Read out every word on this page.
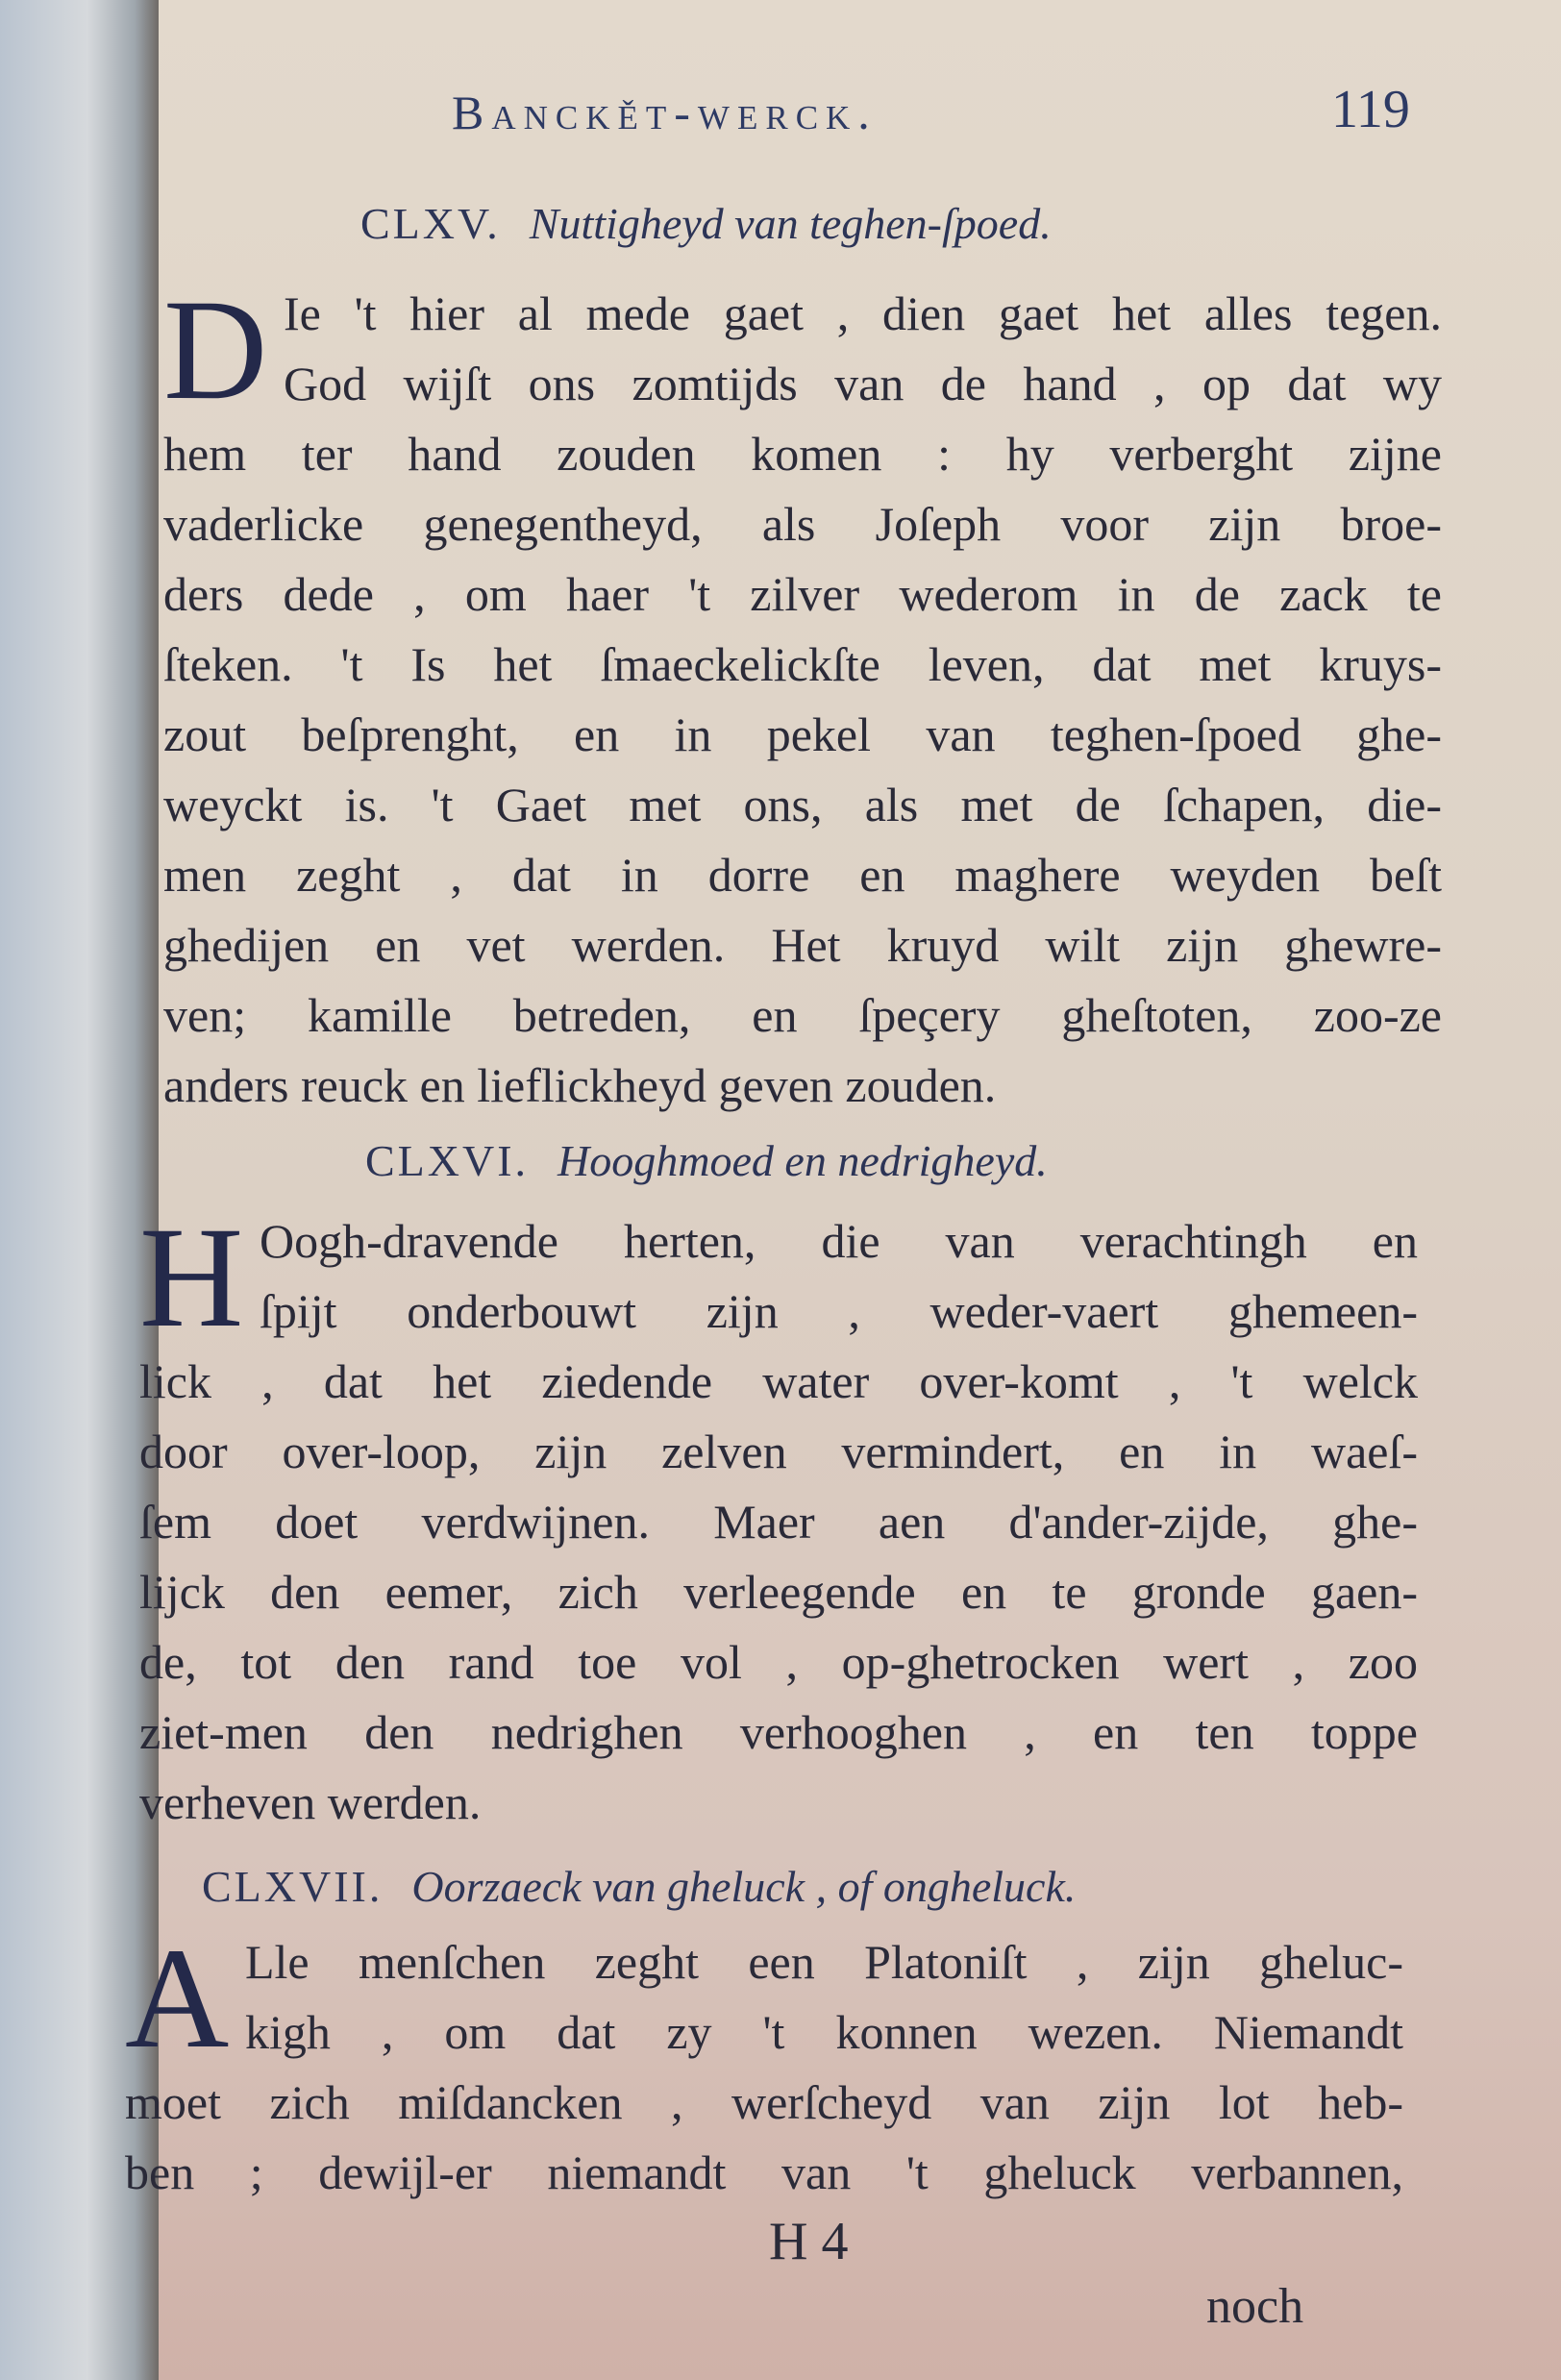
Banckět-werck.	119
CLXV. Nuttigheyd van teghen-ſpoed.
D Ie 't hier al mede gaet , dien gaet het alles tegen.
God wijſt ons zomtijds van de hand , op dat wy
hem ter hand zouden komen : hy verberght zijne
vaderlicke genegentheyd, als Joſeph voor zijn broe-
ders dede , om haer 't zilver wederom in de zack te
ſteken. 't Is het ſmaeckelickſte leven, dat met kruys-
zout beſprenght, en in pekel van teghen-ſpoed ghe-
weyckt is. 't Gaet met ons, als met de ſchapen, die-
men zeght , dat in dorre en maghere weyden beſt
ghedijen en vet werden. Het kruyd wilt zijn ghewre-
ven; kamille betreden, en ſpeçery gheſtoten, zoo-ze
anders reuck en lieflickheyd geven zouden.
CLXVI. Hooghmoed en nedrigheyd.
H Oogh-dravende herten, die van verachtingh en
ſpijt onderbouwt zijn , weder-vaert ghemeen-
lick , dat het ziedende water over-komt , 't welck
door over-loop, zijn zelven vermindert, en in waeſ-
ſem doet verdwijnen. Maer aen d'ander-zijde, ghe-
lijck den eemer, zich verleegende en te gronde gaen-
de, tot den rand toe vol , op-ghetrocken wert , zoo
ziet-men den nedrighen verhooghen , en ten toppe
verheven werden.
CLXVII. Oorzaeck van gheluck , of ongheluck.
A Lle menſchen zeght een Platoniſt , zijn gheluc-
kigh , om dat zy 't konnen wezen. Niemandt
moet zich miſdancken , werſcheyd van zijn lot heb-
ben ; dewijl-er niemandt van 't gheluck verbannen,
H 4
noch
